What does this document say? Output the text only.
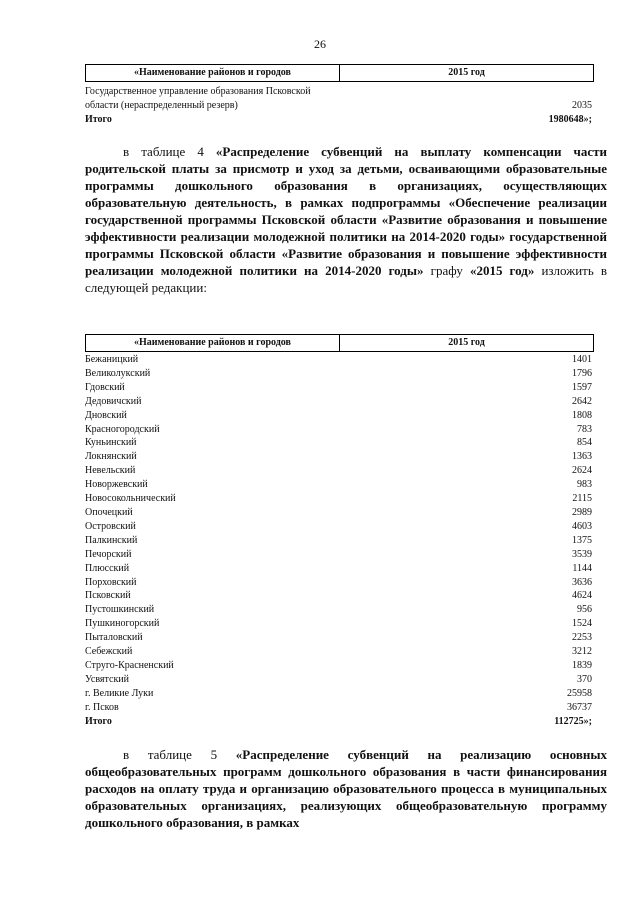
26
«Наименование районов и городов	2015 год
Государственное управление образования Псковской области (нераспределенный резерв)	2035
Итого	1980648»;
в таблице 4 «Распределение субвенций на выплату компенсации части родительской платы за присмотр и уход за детьми, осваивающими образовательные программы дошкольного образования в организациях, осуществляющих образовательную деятельность, в рамках подпрограммы «Обеспечение реализации государственной программы Псковской области «Развитие образования и повышение эффективности реализации молодежной политики на 2014-2020 годы» государственной программы Псковской области «Развитие образования и повышение эффективности реализации молодежной политики на 2014-2020 годы» графу «2015 год» изложить в следующей редакции:
«Наименование районов и городов	2015 год
Бежаницкий	1401
Великолукский	1796
Гдовский	1597
Дедовичский	2642
Дновский	1808
Красногородский	783
Куньинский	854
Локнянский	1363
Невельский	2624
Новоржевский	983
Новосокольнический	2115
Опочецкий	2989
Островский	4603
Палкинский	1375
Печорский	3539
Плюсский	1144
Порховский	3636
Псковский	4624
Пустошкинский	956
Пушкиногорский	1524
Пыталовский	2253
Себежский	3212
Струго-Красненский	1839
Усвятский	370
г. Великие Луки	25958
г. Псков	36737
Итого	112725»;
в таблице 5 «Распределение субвенций на реализацию основных общеобразовательных программ дошкольного образования в части финансирования расходов на оплату труда и организацию образовательного процесса в муниципальных образовательных организациях, реализующих общеобразовательную программу дошкольного образования, в рамках
